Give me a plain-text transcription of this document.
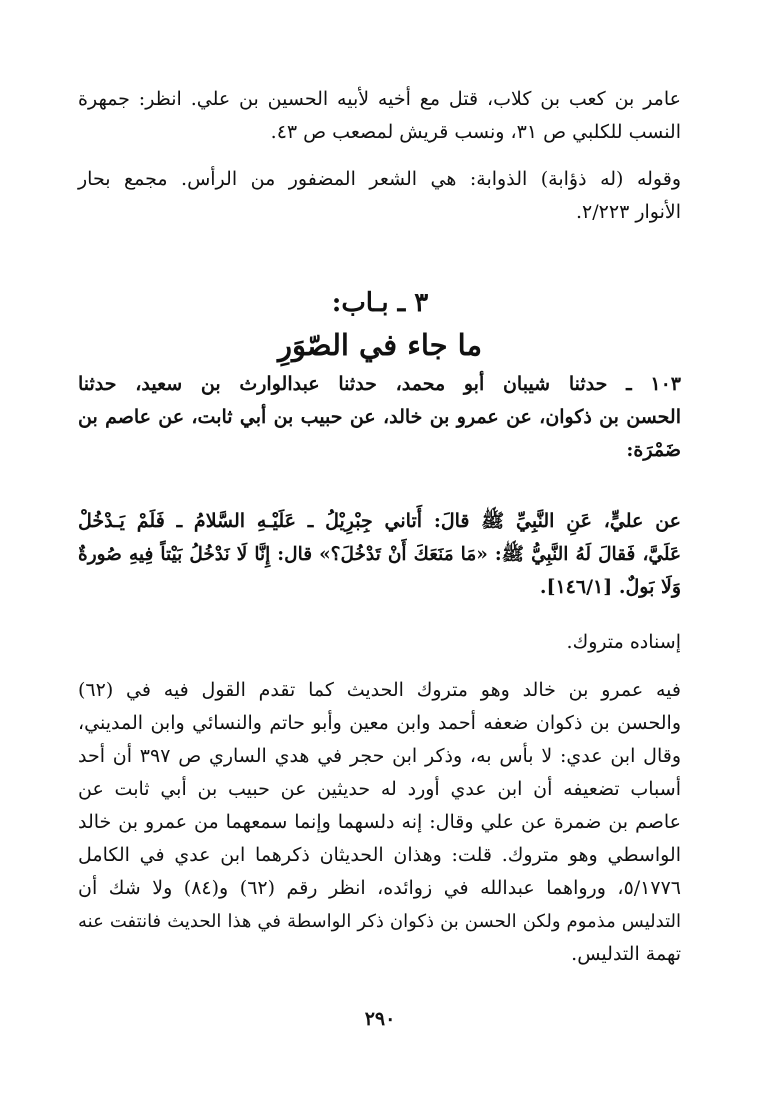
عامر بن كعب بن كلاب، قتل مع أخيه لأبيه الحسين بن علي. انظر: جمهرة

النسب للكلبي ص ٣١، ونسب قريش لمصعب ص ٤٣.

وقوله (له ذؤابة) الذوابة: هي الشعر المضفور من الرأس. مجمع بحار

الأنوار ٢/٢٢٣.

٣ ـ بـاب:
ما جاء في الصّوَرِ

١٠٣ ـ حدثنا شيبان أبو محمد، حدثنا عبدالوارث بن سعيد، حدثنا

الحسن بن ذكوان، عن عمرو بن خالد، عن حبيب بن أبي ثابت، عن عاصم بن

ضَمْرَة:

عن عليٍّ، عَنِ النَّبِيِّ ﷺ قالَ: أَتاني جِبْرِيْلُ ـ عَلَيْـهِ السَّلامُ ـ فَلَمْ يَـدْخُلْ

عَلَيَّ، فَقالَ لَهُ النَّبِيُّ ﷺ: «مَا مَنَعَكَ أَنْ تَدْخُلَ؟» قال: إِنَّا لَا نَدْخُلُ بَيْتاً فِيهِ صُورةٌ

وَلَا بَولٌ. [١٤٦/١].

إسناده متروك.

فيه عمرو بن خالد وهو متروك الحديث كما تقدم القول فيه في (٦٢)

والحسن بن ذكوان ضعفه أحمد وابن معين وأبو حاتم والنسائي وابن المديني،

وقال ابن عدي: لا بأس به، وذكر ابن حجر في هدي الساري ص ٣٩٧ أن أحد

أسباب تضعيفه أن ابن عدي أورد له حديثين عن حبيب بن أبي ثابت عن

عاصم بن ضمرة عن علي وقال: إنه دلسهما وإنما سمعهما من عمرو بن خالد

الواسطي وهو متروك. قلت: وهذان الحديثان ذكرهما ابن عدي في الكامل

٥/١٧٧٦، ورواهما عبدالله في زوائده، انظر رقم (٦٢) و(٨٤) ولا شك أن

التدليس مذموم ولكن الحسن بن ذكوان ذكر الواسطة في هذا الحديث فانتفت عنه

تهمة التدليس.

٢٩٠
